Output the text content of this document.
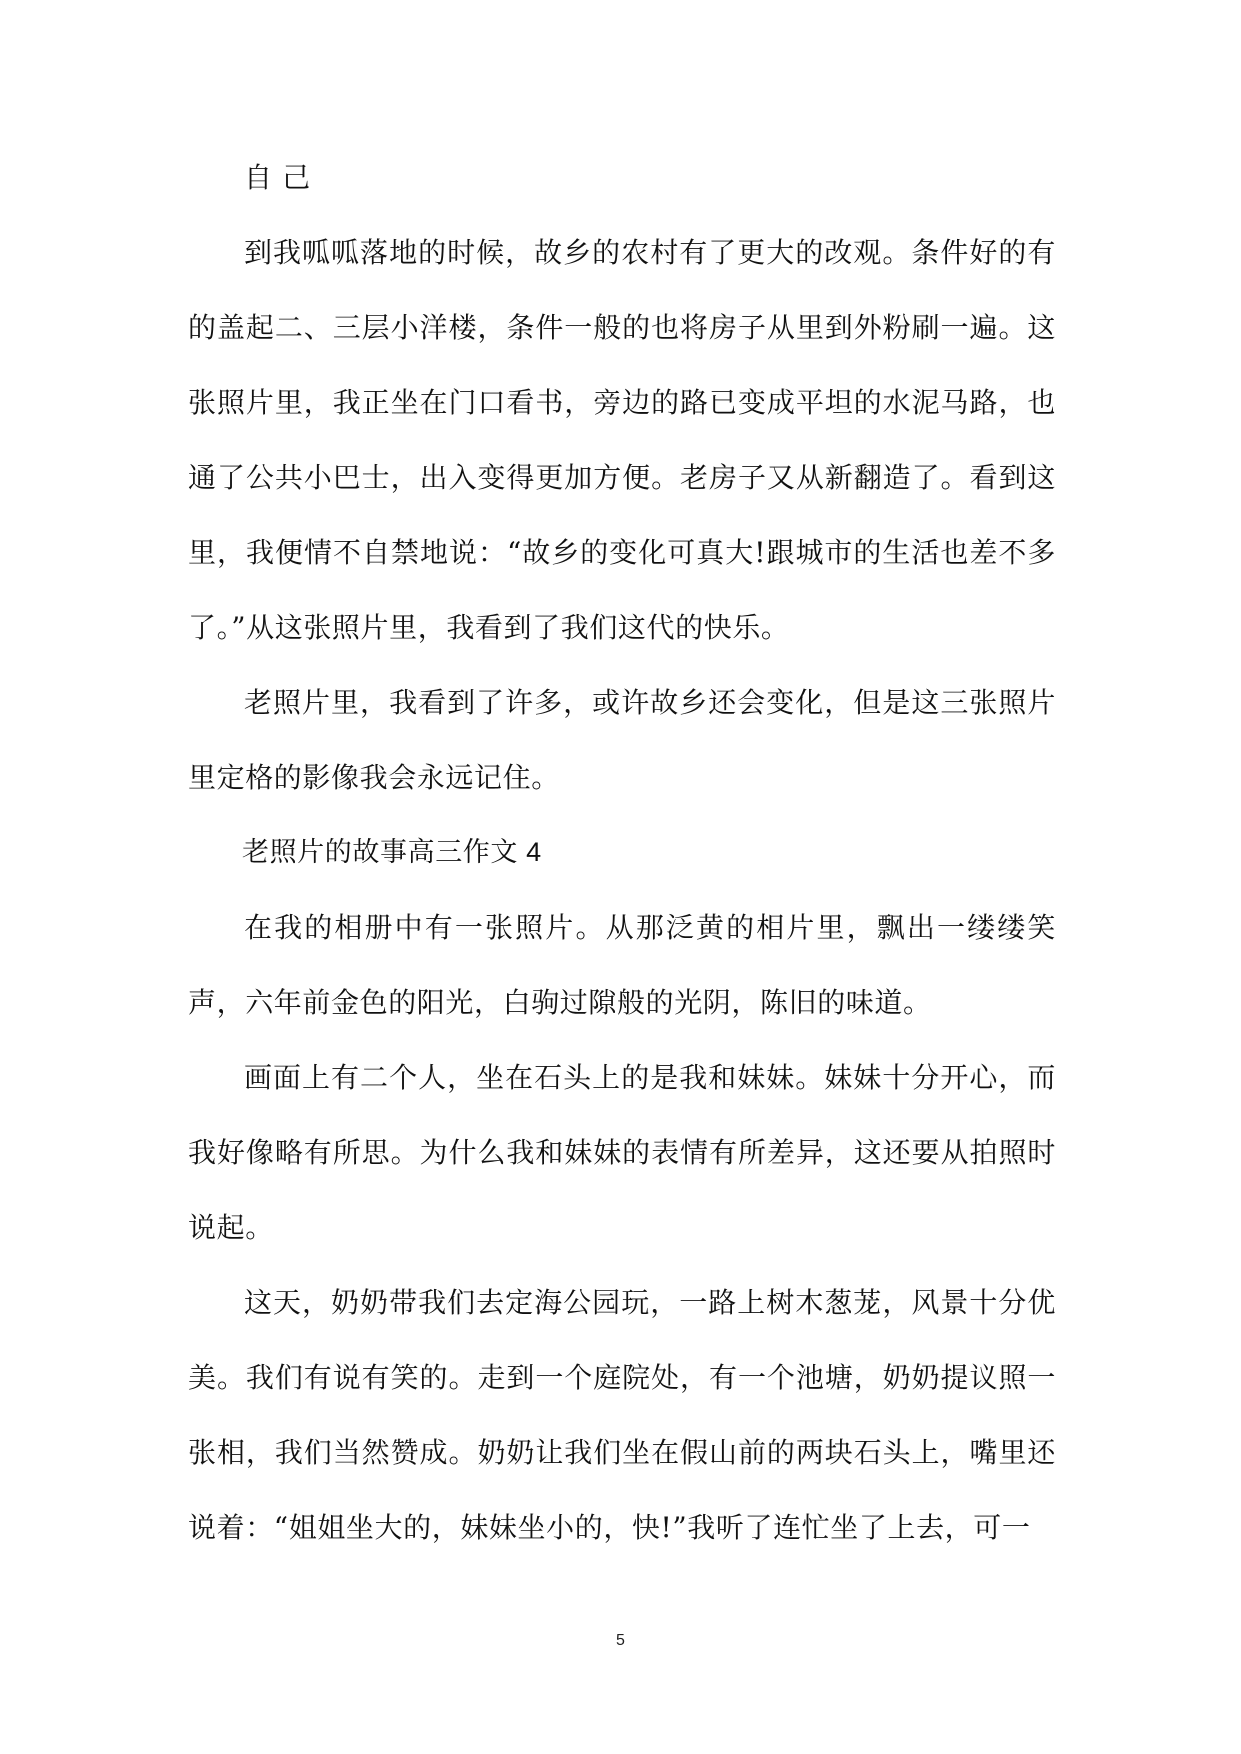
自 己

到我呱呱落地的时候，故乡的农村有了更大的改观。条件好的有的盖起二、三层小洋楼，条件一般的也将房子从里到外粉刷一遍。这张照片里，我正坐在门口看书，旁边的路已变成平坦的水泥马路，也通了公共小巴士，出入变得更加方便。老房子又从新翻造了。看到这里，我便情不自禁地说：“故乡的变化可真大!跟城市的生活也差不多了。”从这张照片里，我看到了我们这代的快乐。

老照片里，我看到了许多，或许故乡还会变化，但是这三张照片里定格的影像我会永远记住。

老照片的故事高三作文 4

在我的相册中有一张照片。从那泛黄的相片里，飘出一缕缕笑声，六年前金色的阳光，白驹过隙般的光阴，陈旧的味道。

画面上有二个人，坐在石头上的是我和妹妹。妹妹十分开心，而我好像略有所思。为什么我和妹妹的表情有所差异，这还要从拍照时说起。

这天，奶奶带我们去定海公园玩，一路上树木葱茏，风景十分优美。我们有说有笑的。走到一个庭院处，有一个池塘，奶奶提议照一张相，我们当然赞成。奶奶让我们坐在假山前的两块石头上，嘴里还说着：“姐姐坐大的，妹妹坐小的，快!”我听了连忙坐了上去，可一

5
